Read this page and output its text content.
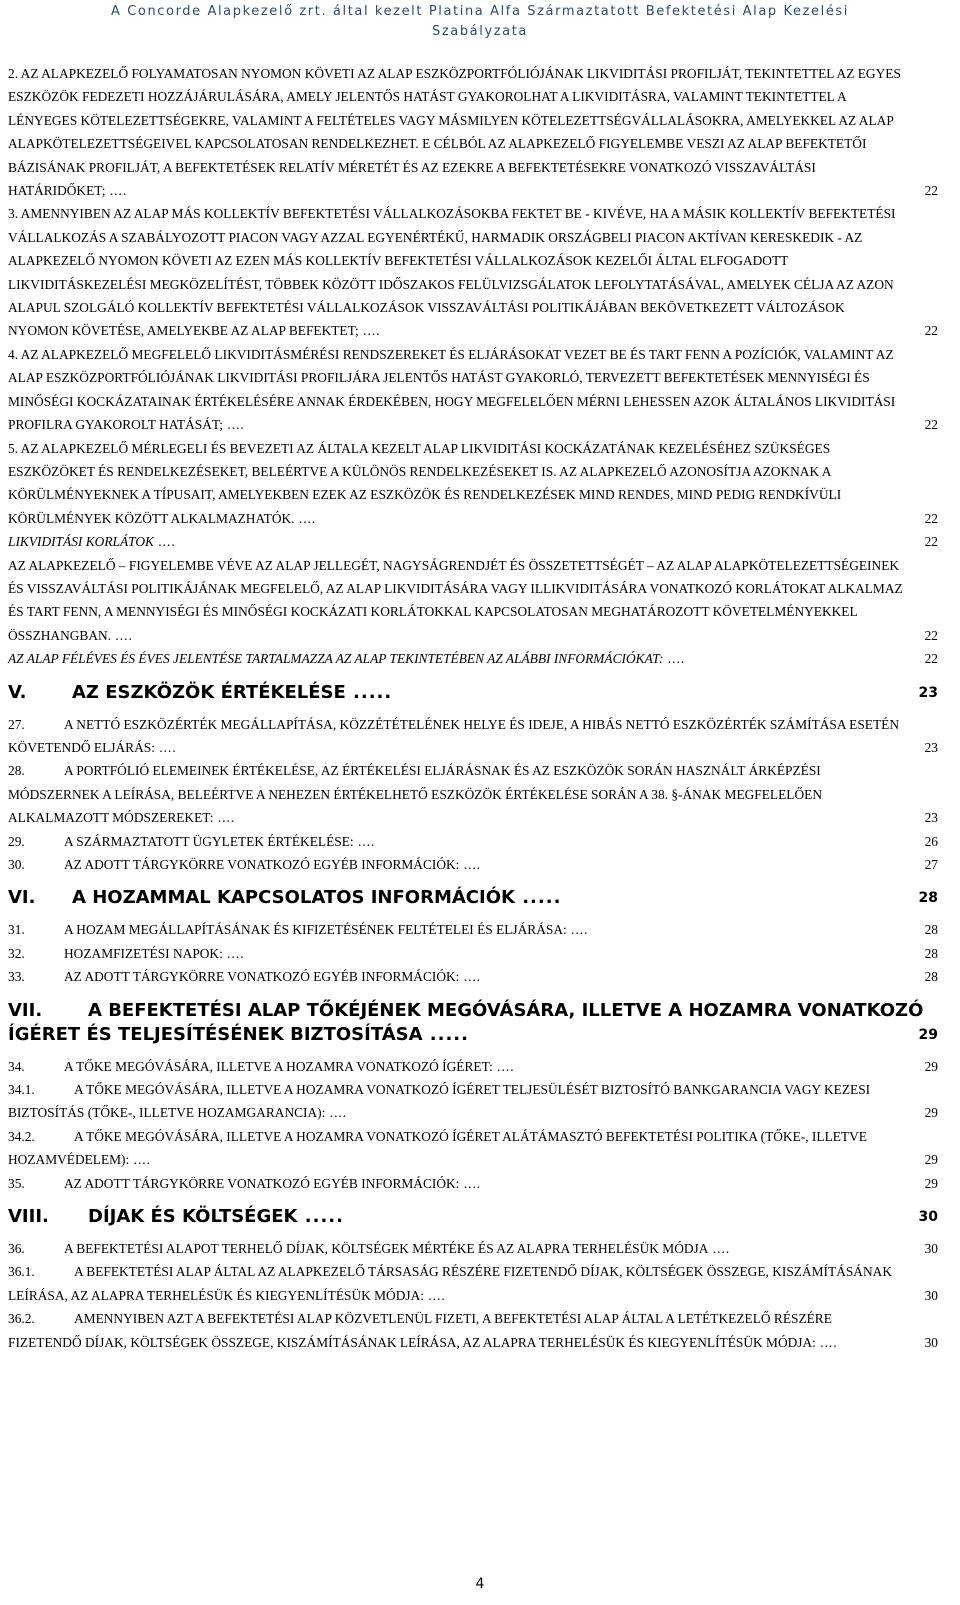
A Concorde Alapkezelő zrt. által kezelt Platina Alfa Származtatott Befektetési Alap Kezelési
Szabályzata
2. AZ ALAPKEZELŐ FOLYAMATOSAN NYOMON KÖVETI AZ ALAP ESZKÖZPORTFÓLIÓJÁNAK LIKVIDITÁSI PROFILJÁT, TEKINTETTEL AZ EGYES ESZKÖZÖK FEDEZETI HOZZÁJÁRULÁSÁRA, AMELY JELENTŐS HATÁST GYAKOROLHAT A LIKVIDITÁSRA, VALAMINT TEKINTETTEL A LÉNYEGES KÖTELEZETTSÉGEKRE, VALAMINT A FELTÉTELES VAGY MÁSMILYEN KÖTELEZETTSÉGVÁLLALÁSOKRA, AMELYEKKEL AZ ALAP ALAPKÖTELEZETTSÉGEIVEL KAPCSOLATOSAN RENDELKEZHET. E CÉLBÓL AZ ALAPKEZELŐ FIGYELEMBE VESZI AZ ALAP BEFEKTETŐI BÁZISÁNAK PROFILJÁT, A BEFEKTETÉSEK RELATÍV MÉRETÉT ÉS AZ EZEKRE A BEFEKTETÉSEKRE VONATKOZÓ VISSZAVÁLTÁSI HATÁRIDŐKET; ....	22
3. AMENNYIBEN AZ ALAP MÁS KOLLEKTÍV BEFEKTETÉSI VÁLLALKOZÁSOKBA FEKTET BE - KIVÉVE, HA A MÁSIK KOLLEKTÍV BEFEKTETÉSI VÁLLALKOZÁS A SZABÁLYOZOTT PIACON VAGY AZZAL EGYENÉRTÉKŰ, HARMADIK ORSZÁGBELI PIACON AKTÍVAN KERESKEDIK - AZ ALAPKEZELŐ NYOMON KÖVETI AZ EZEN MÁS KOLLEKTÍV BEFEKTETÉSI VÁLLALKOZÁSOK KEZELŐI ÁLTAL ELFOGADOTT LIKVIDITÁSKEZELÉSI MEGKÖZELÍTÉST, TÖBBEK KÖZÖTT IDŐSZAKOS FELÜLVIZSGÁLATOK LEFOLYTATÁSÁVAL, AMELYEK CÉLJA AZ AZON ALAPUL SZOLGÁLÓ KOLLEKTÍV BEFEKTETÉSI VÁLLALKOZÁSOK VISSZAVÁLTÁSI POLITIKÁJÁBAN BEKÖVETKEZETT VÁLTOZÁSOK NYOMON KÖVETÉSE, AMELYEKBE AZ ALAP BEFEKTET; ....	22
4. AZ ALAPKEZELŐ MEGFELELŐ LIKVIDITÁSMÉRÉSI RENDSZEREKET ÉS ELJÁRÁSOKAT VEZET BE ÉS TART FENN A POZÍCIÓK, VALAMINT AZ ALAP ESZKÖZPORTFÓLIÓJÁNAK LIKVIDITÁSI PROFILJÁRA JELENTŐS HATÁST GYAKORLÓ, TERVEZETT BEFEKTETÉSEK MENNYISÉGI ÉS MINŐSÉGI KOCKÁZATAINAK ÉRTÉKELÉSÉRE ANNAK ÉRDEKÉBEN, HOGY MEGFELELŐEN MÉRNI LEHESSEN AZOK ÁLTALÁNOS LIKVIDITÁSI PROFILRA GYAKOROLT HATÁSÁT; ....	22
5. AZ ALAPKEZELŐ MÉRLEGELI ÉS BEVEZETI AZ ÁLTALA KEZELT ALAP LIKVIDITÁSI KOCKÁZATÁNAK KEZELÉSÉHEZ SZÜKSÉGES ESZKÖZÖKET ÉS RENDELKEZÉSEKET, BELEÉRTVE A KÜLÖNÖS RENDELKEZÉSEKET IS. AZ ALAPKEZELŐ AZONOSÍTJA AZOKNAK A KÖRÜLMÉNYEKNEK A TÍPUSAIT, AMELYEKBEN EZEK AZ ESZKÖZÖK ÉS RENDELKEZÉSEK MIND RENDES, MIND PEDIG RENDKÍVÜLI KÖRÜLMÉNYEK KÖZÖTT ALKALMAZHATÓK. ....	22
LIKVIDITÁSI KORLÁTOK ....	22
AZ ALAPKEZELŐ – FIGYELEMBE VÉVE AZ ALAP JELLEGÉT, NAGYSÁGRENDJÉT ÉS ÖSSZETETTSÉGÉT – AZ ALAP ALAPKÖTELEZETTSÉGEINEK ÉS VISSZAVÁLTÁSI POLITIKÁJÁNAK MEGFELELŐ, AZ ALAP LIKVIDITÁSÁRA VAGY ILLIKVIDITÁSÁRA VONATKOZÓ KORLÁTOKAT ALKALMAZ ÉS TART FENN, A MENNYISÉGI ÉS MINŐSÉGI KOCKÁZATI KORLÁTOKKAL KAPCSOLATOSAN MEGHATÁROZOTT KÖVETELMÉNYEKKEL ÖSSZHANGBAN. ....	22
AZ ALAP FÉLÉVES ÉS ÉVES JELENTÉSE TARTALMAZZA AZ ALAP TEKINTETÉBEN AZ ALÁBBI INFORMÁCIÓKAT: ....	22
V.	AZ ESZKÖZÖK ÉRTÉKELÉSE .....	23
27.	A NETTÓ ESZKÖZÉRTÉK MEGÁLLAPÍTÁSA, KÖZZÉTÉTELÉNEK HELYE ÉS IDEJE, A HIBÁS NETTÓ ESZKÖZÉRTÉK SZÁMÍTÁSA ESETÉN KÖVETENDŐ ELJÁRÁS: ....	23
28.	A PORTFÓLIÓ ELEMEINEK ÉRTÉKELÉSE, AZ ÉRTÉKELÉSI ELJÁRÁSNAK ÉS AZ ESZKÖZÖK SORÁN HASZNÁLT ÁRKÉPZÉSI MÓDSZERNEK A LEÍRÁSA, BELEÉRTVE A NEHEZEN ÉRTÉKELHETŐ ESZKÖZÖK ÉRTÉKELÉSE SORÁN A 38. §-ÁNAK MEGFELELŐEN ALKALMAZOTT MÓDSZEREKET: ....	23
29.	A SZÁRMAZTATOTT ÜGYLETEK ÉRTÉKELÉSE: ....	26
30.	AZ ADOTT TÁRGYKÖRRE VONATKOZÓ EGYÉB INFORMÁCIÓK: ....	27
VI. A HOZAMMAL KAPCSOLATOS INFORMÁCIÓK .....	28
31.	A HOZAM MEGÁLLAPÍTÁSÁNAK ÉS KIFIZETÉSÉNEK FELTÉTELEI ÉS ELJÁRÁSA: ....	28
32.	HOZAMFIZETÉSI NAPOK: ....	28
33.	AZ ADOTT TÁRGYKÖRRE VONATKOZÓ EGYÉB INFORMÁCIÓK: ....	28
VII.	A BEFEKTETÉSI ALAP TŐKÉJÉNEK MEGÓVÁSÁRA, ILLETVE A HOZAMRA VONATKOZÓ ÍGÉRET ÉS TELJESÍTÉSÉNEK BIZTOSÍTÁSA .....	29
34.	A TŐKE MEGÓVÁSÁRA, ILLETVE A HOZAMRA VONATKOZÓ ÍGÉRET: ....	29
34.1.	A TŐKE MEGÓVÁSÁRA, ILLETVE A HOZAMRA VONATKOZÓ ÍGÉRET TELJESÜLÉSÉT BIZTOSÍTÓ BANKGARANCIA VAGY KEZESI BIZTOSÍTÁS (TŐKE-, ILLETVE HOZAMGARANCIA): ....	29
34.2.	A TŐKE MEGÓVÁSÁRA, ILLETVE A HOZAMRA VONATKOZÓ ÍGÉRET ALÁTÁMASZTÓ BEFEKTETÉSI POLITIKA (TŐKE-, ILLETVE HOZAMVÉDELEM): ....	29
35.	AZ ADOTT TÁRGYKÖRRE VONATKOZÓ EGYÉB INFORMÁCIÓK: ....	29
VIII. DÍJAK ÉS KÖLTSÉGEK .....	30
36.	A BEFEKTETÉSI ALAPOT TERHELŐ DÍJAK, KÖLTSÉGEK MÉRTÉKE ÉS AZ ALAPRA TERHELÉSÜK MÓDJA ....	30
36.1.	A BEFEKTETÉSI ALAP ÁLTAL AZ ALAPKEZELŐ TÁRSASÁG RÉSZÉRE FIZETENDŐ DÍJAK, KÖLTSÉGEK ÖSSZEGE, KISZÁMÍTÁSÁNAK LEÍRÁSA, AZ ALAPRA TERHELÉSÜK ÉS KIEGYENLÍTÉSÜK MÓDJA: ....	30
36.2.	AMENNYIBEN AZT A BEFEKTETÉSI ALAP KÖZVETLENÜL FIZETI, A BEFEKTETÉSI ALAP ÁLTAL A LETÉTKEZELŐ RÉSZÉRE FIZETENDŐ DÍJAK, KÖLTSÉGEK ÖSSZEGE, KISZÁMÍTÁSÁNAK LEÍRÁSA, AZ ALAPRA TERHELÉSÜK ÉS KIEGYENLÍTÉSÜK MÓDJA: ....	30
4
